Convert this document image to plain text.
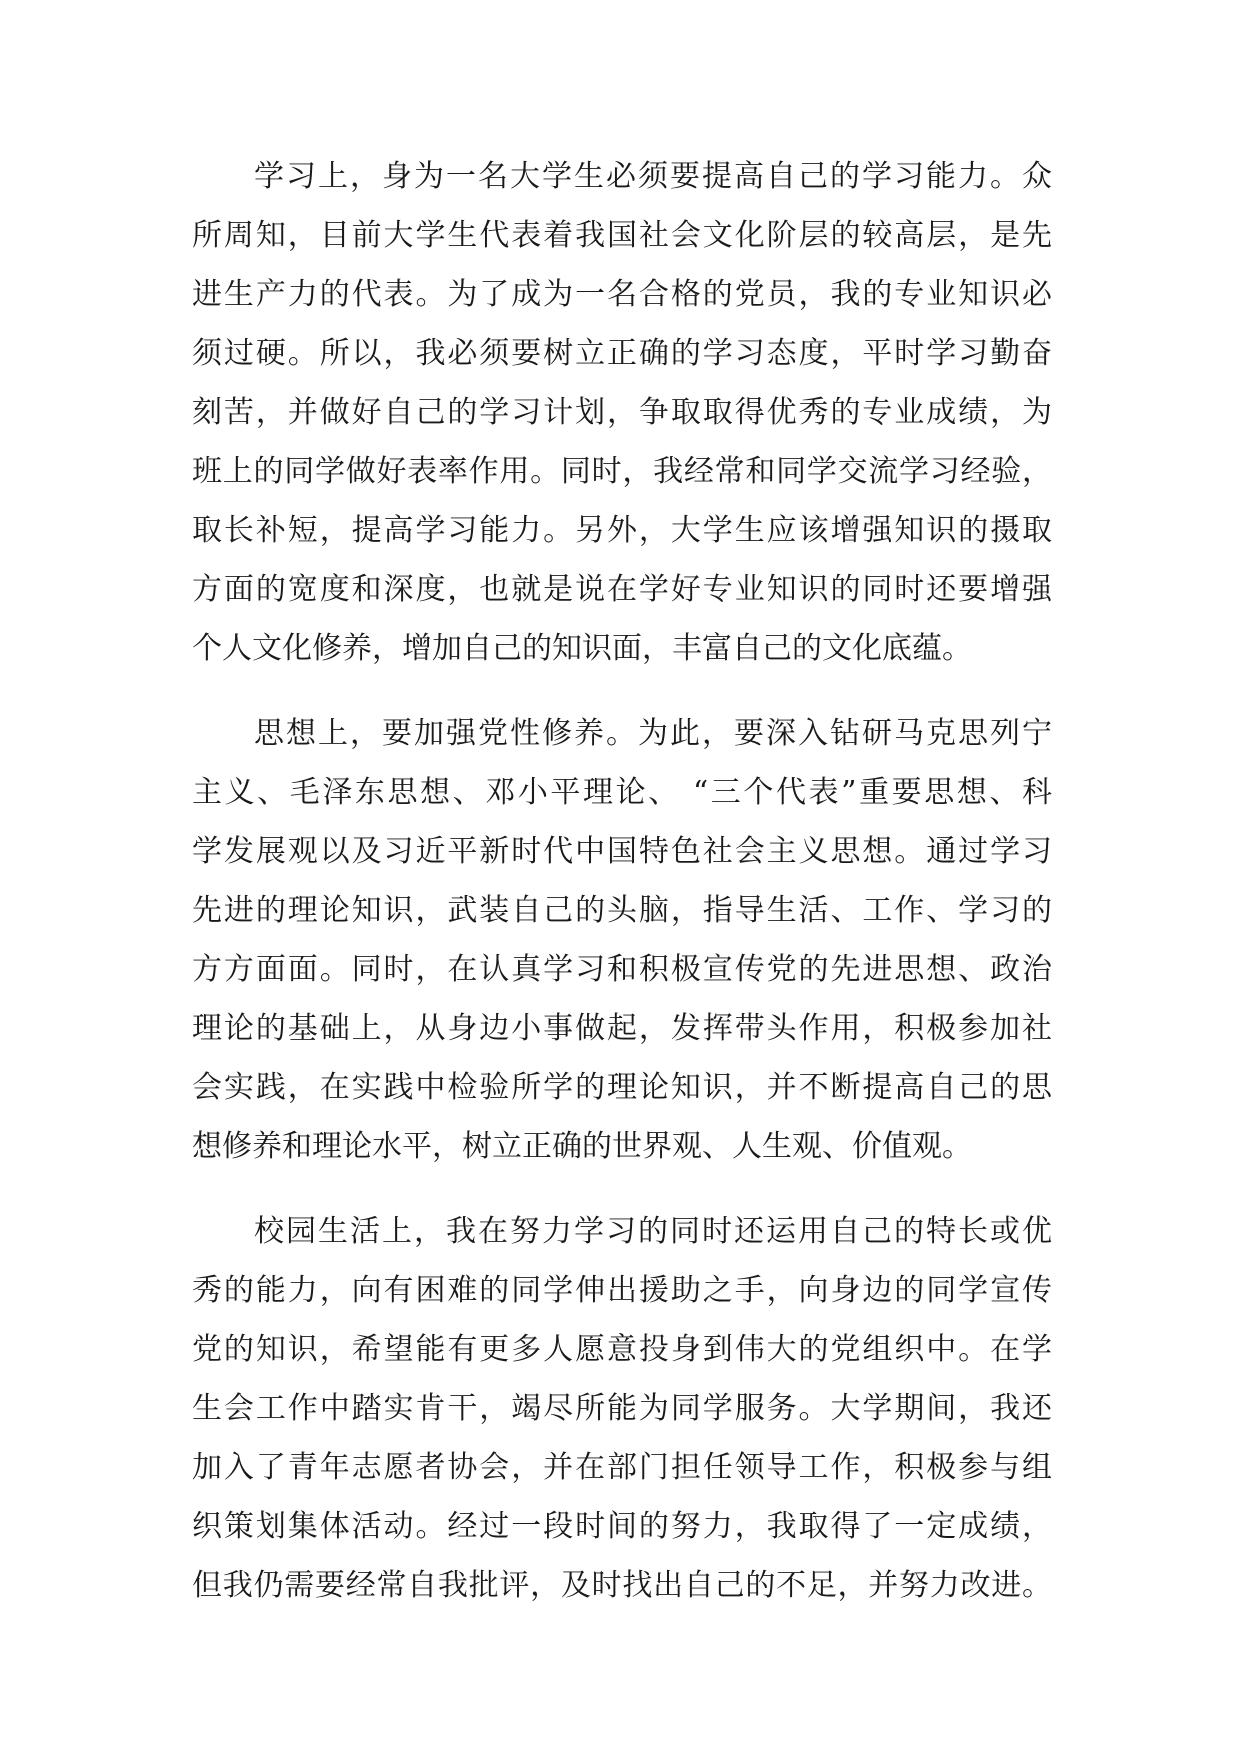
学习上，身为一名大学生必须要提高自己的学习能力。众
所周知，目前大学生代表着我国社会文化阶层的较高层，是先
进生产力的代表。为了成为一名合格的党员，我的专业知识必
须过硬。所以，我必须要树立正确的学习态度，平时学习勤奋
刻苦，并做好自己的学习计划，争取取得优秀的专业成绩，为
班上的同学做好表率作用。同时，我经常和同学交流学习经验，
取长补短，提高学习能力。另外，大学生应该增强知识的摄取
方面的宽度和深度，也就是说在学好专业知识的同时还要增强
个人文化修养，增加自己的知识面，丰富自己的文化底蕴。
思想上，要加强党性修养。为此，要深入钻研马克思列宁
主义、毛泽东思想、邓小平理论、 “三个代表”重要思想、科
学发展观以及习近平新时代中国特色社会主义思想。通过学习
先进的理论知识，武装自己的头脑，指导生活、工作、学习的
方方面面。同时，在认真学习和积极宣传党的先进思想、政治
理论的基础上，从身边小事做起，发挥带头作用，积极参加社
会实践，在实践中检验所学的理论知识，并不断提高自己的思
想修养和理论水平，树立正确的世界观、人生观、价值观。
校园生活上，我在努力学习的同时还运用自己的特长或优
秀的能力，向有困难的同学伸出援助之手，向身边的同学宣传
党的知识，希望能有更多人愿意投身到伟大的党组织中。在学
生会工作中踏实肯干，竭尽所能为同学服务。大学期间，我还
加入了青年志愿者协会，并在部门担任领导工作，积极参与组
织策划集体活动。经过一段时间的努力，我取得了一定成绩，
但我仍需要经常自我批评，及时找出自己的不足，并努力改进。
